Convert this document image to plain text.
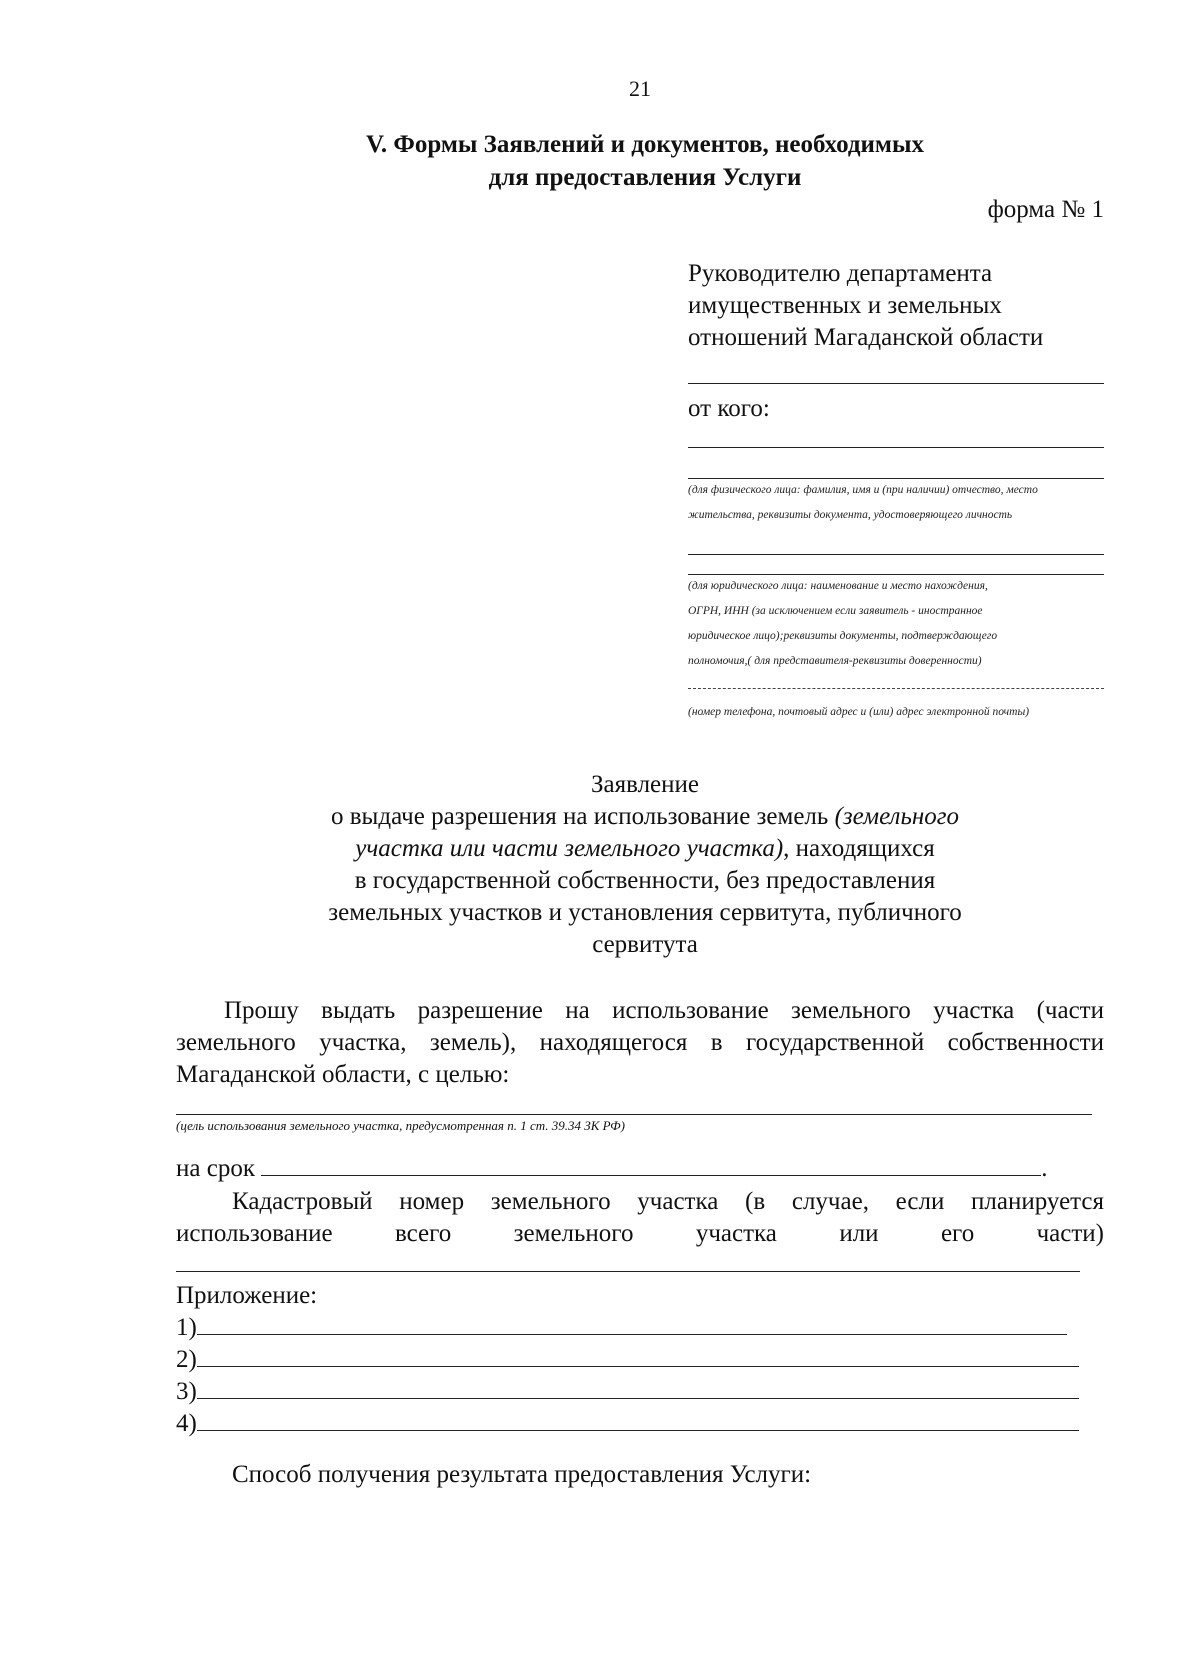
21
V. Формы Заявлений и документов, необходимых
для предоставления Услуги
форма № 1
Руководителю департамента
имущественных и земельных
отношений Магаданской области
от кого:
(для физического лица: фамилия, имя и (при наличии) отчество, место
жительства, реквизиты документа, удостоверяющего личность
(для юридического лица: наименование и место нахождения,
ОГРН, ИНН (за исключением если заявитель - иностранное
юридическое лицо);реквизиты документы, подтверждающего
полномочия,( для представителя-реквизиты доверенности)
(номер телефона, почтовый адрес и (или) адрес электронной почты)
Заявление
о выдаче разрешения на использование земель (земельного
участка или части земельного участка), находящихся
в государственной собственности, без предоставления
земельных участков и установления сервитута, публичного
сервитута
Прошу выдать разрешение на использование земельного участка (части
земельного участка, земель), находящегося в государственной собственности
Магаданской области, с целью:
(цель использования земельного участка, предусмотренная п. 1 ст. 39.34 ЗК РФ)
на срок	.
Кадастровый номер земельного участка (в случае, если планируется
использование всего земельного участка или его части)
Приложение:
1)
2)
3)
4)
Способ получения результата предоставления Услуги:
